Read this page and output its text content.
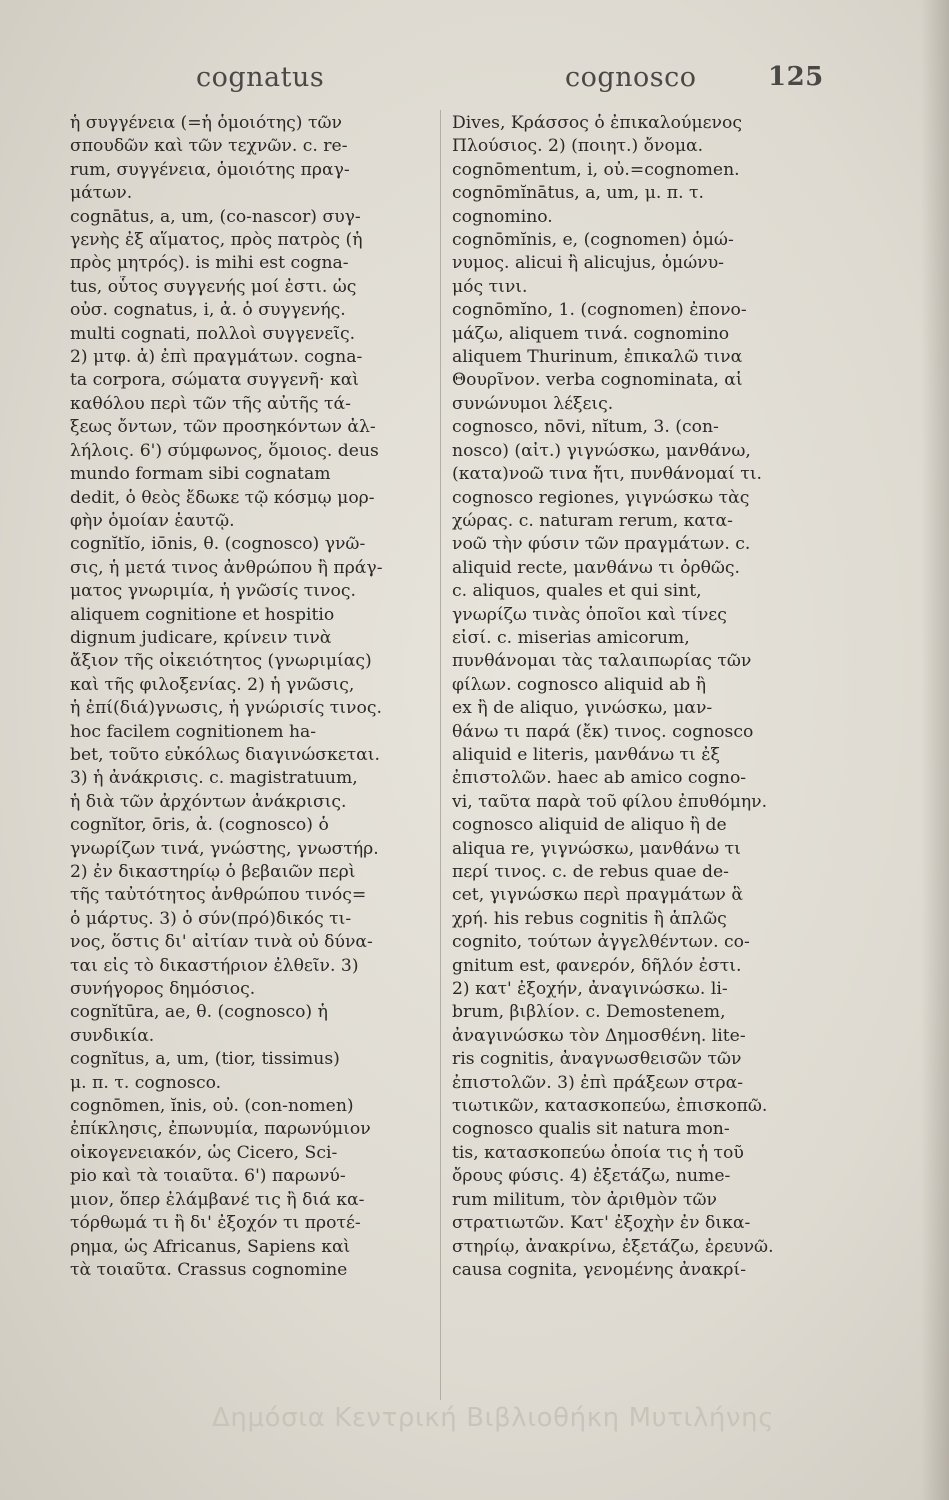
cognatus	cognosco	125
ἡ συγγένεια (=ἡ ὁμοιότης) τῶν
σπουδῶν καὶ τῶν τεχνῶν. c. re-
rum, συγγένεια, ὁμοιότης πραγ-
μάτων.
cognātus, a, um, (co-nascor) συγ-
γενὴς ἐξ αἵματος, πρὸς πατρὸς (ἡ
πρὸς μητρός). is mihi est cogna-
tus, οὗτος συγγενής μοί ἐστι. ὡς
οὐσ. cognatus, i, ἀ. ὁ συγγενής.
multi cognati, πολλοὶ συγγενεῖς.
2) μτφ. ἀ) ἐπὶ πραγμάτων. cogna-
ta corpora, σώματα συγγενῆ· καὶ
καθόλου περὶ τῶν τῆς αὐτῆς τά-
ξεως ὄντων, τῶν προσηκόντων ἀλ-
λήλοις. 6') σύμφωνος, ὅμοιος. deus
mundo formam sibi cognatam
dedit, ὁ θεὸς ἔδωκε τῷ κόσμῳ μορ-
φὴν ὁμοίαν ἑαυτῷ.
cognĭtĭo, iōnis, θ. (cognosco) γνῶ-
σις, ἡ μετά τινος ἀνθρώπου ἢ πράγ-
ματος γνωριμία, ἡ γνῶσίς τινος.
aliquem cognitione et hospitio
dignum judicare, κρίνειν τινὰ
ἄξιον τῆς οἰκειότητος (γνωριμίας)
καὶ τῆς φιλοξενίας. 2) ἡ γνῶσις,
ἡ ἐπί(διά)γνωσις, ἡ γνώρισίς τινος.
hoc facilem cognitionem ha-
bet, τοῦτο εὐκόλως διαγινώσκεται.
3) ἡ ἀνάκρισις. c. magistratuum,
ἡ διὰ τῶν ἀρχόντων ἀνάκρισις.
cognĭtor, ōris, ἀ. (cognosco) ὁ
γνωρίζων τινά, γνώστης, γνωστήρ.
2) ἐν δικαστηρίῳ ὁ βεβαιῶν περὶ
τῆς ταὐτότητος ἀνθρώπου τινός=
ὁ μάρτυς. 3) ὁ σύν(πρό)δικός τι-
νος, ὅστις δι' αἰτίαν τινὰ οὐ δύνα-
ται εἰς τὸ δικαστήριον ἐλθεῖν. 3)
συνήγορος δημόσιος.
cognĭtūra, ae, θ. (cognosco) ἡ
συνδικία.
cognĭtus, a, um, (tior, tissimus)
μ. π. τ. cognosco.
cognōmen, ĭnis, οὐ. (con-nomen)
ἐπίκλησις, ἐπωνυμία, παρωνύμιον
οἰκογενειακόν, ὡς Cicero, Sci-
pio καὶ τὰ τοιαῦτα. 6') παρωνύ-
μιον, ὅπερ ἐλάμβανέ τις ἢ διά κα-
τόρθωμά τι ἢ δι' ἐξοχόν τι προτέ-
ρημα, ὡς Africanus, Sapiens καὶ
τὰ τοιαῦτα. Crassus cognomine
Dives, Κράσσος ὁ ἐπικαλούμενος
Πλούσιος. 2) (ποιητ.) ὄνομα.
cognōmentum, i, οὐ.=cognomen.
cognōmĭnātus, a, um, μ. π. τ.
cognomino.
cognōmĭnis, e, (cognomen) ὁμώ-
νυμος. alicui ἢ alicujus, ὁμώνυ-
μός τινι.
cognōmĭno, 1. (cognomen) ἐπονο-
μάζω, aliquem τινά. cognomino
aliquem Thurinum, ἐπικαλῶ τινα
Θουρῖνον. verba cognominata, αἱ
συνώνυμοι λέξεις.
cognosco, nōvi, nĭtum, 3. (con-
nosco) (αἰτ.) γιγνώσκω, μανθάνω,
(κατα)νοῶ τινα ἤτι, πυνθάνομαί τι.
cognosco regiones, γιγνώσκω τὰς
χώρας. c. naturam rerum, κατα-
νοῶ τὴν φύσιν τῶν πραγμάτων. c.
aliquid recte, μανθάνω τι ὀρθῶς.
c. aliquos, quales et qui sint,
γνωρίζω τινὰς ὁποῖοι καὶ τίνες
εἰσί. c. miserias amicorum,
πυνθάνομαι τὰς ταλαιπωρίας τῶν
φίλων. cognosco aliquid ab ἢ
ex ἢ de aliquo, γινώσκω, μαν-
θάνω τι παρά (ἔκ) τινος. cognosco
aliquid e literis, μανθάνω τι ἐξ
ἐπιστολῶν. haec ab amico cogno-
vi, ταῦτα παρὰ τοῦ φίλου ἐπυθόμην.
cognosco aliquid de aliquo ἢ de
aliqua re, γιγνώσκω, μανθάνω τι
περί τινος. c. de rebus quae de-
cet, γιγνώσκω περὶ πραγμάτων ἃ
χρή. his rebus cognitis ἢ ἁπλῶς
cognito, τούτων ἀγγελθέντων. co-
gnitum est, φανερόν, δῆλόν ἐστι.
2) κατ' ἐξοχήν, ἀναγινώσκω. li-
brum, βιβλίον. c. Demostenem,
ἀναγινώσκω τὸν Δημοσθένη. lite-
ris cognitis, ἀναγνωσθεισῶν τῶν
ἐπιστολῶν. 3) ἐπὶ πράξεων στρα-
τιωτικῶν, κατασκοπεύω, ἐπισκοπῶ.
cognosco qualis sit natura mon-
tis, κατασκοπεύω ὁποία τις ἡ τοῦ
ὄρους φύσις. 4) ἐξετάζω, nume-
rum militum, τὸν ἀριθμὸν τῶν
στρατιωτῶν. Κατ' ἐξοχὴν ἐν δικα-
στηρίῳ, ἀνακρίνω, ἐξετάζω, ἐρευνῶ.
causa cognita, γενομένης ἀνακρί-
Δημόσια Κεντρική Βιβλιοθήκη Μυτιλήνης
